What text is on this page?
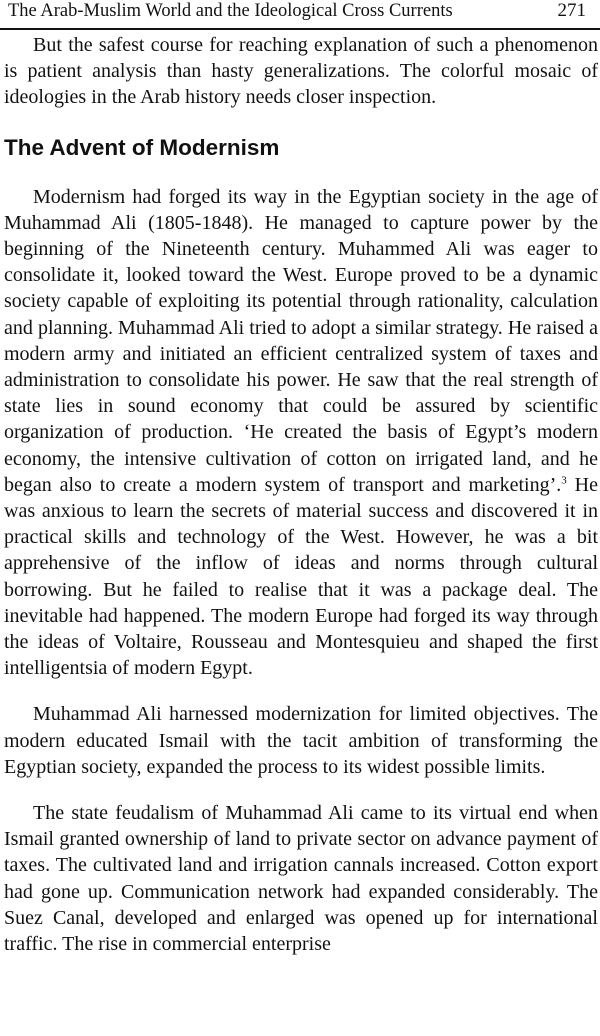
The Arab-Muslim World and the Ideological Cross Currents	271

But the safest course for reaching explanation of such a phenomenon is patient analysis than hasty generalizations. The colorful mosaic of ideologies in the Arab history needs closer inspection.

The Advent of Modernism

Modernism had forged its way in the Egyptian society in the age of Muhammad Ali (1805-1848). He managed to capture power by the beginning of the Nineteenth century. Muhammed Ali was eager to consolidate it, looked toward the West. Europe proved to be a dynamic society capable of exploiting its potential through rationality, calculation and planning. Muhammad Ali tried to adopt a similar strategy. He raised a modern army and initiated an efficient centralized system of taxes and administration to consolidate his power. He saw that the real strength of state lies in sound economy that could be assured by scientific organization of production. ‘He created the basis of Egypt’s modern economy, the intensive cultivation of cotton on irrigated land, and he began also to create a modern system of transport and marketing’.$^3$ He was anxious to learn the secrets of material success and discovered it in practical skills and technology of the West. However, he was a bit apprehensive of the inflow of ideas and norms through cultural borrowing. But he failed to realise that it was a package deal. The inevitable had happened. The modern Europe had forged its way through the ideas of Voltaire, Rousseau and Montesquieu and shaped the first intelligentsia of modern Egypt.

Muhammad Ali harnessed modernization for limited objectives. The modern educated Ismail with the tacit ambition of transforming the Egyptian society, expanded the process to its widest possible limits.

The state feudalism of Muhammad Ali came to its virtual end when Ismail granted ownership of land to private sector on advance payment of taxes. The cultivated land and irrigation cannals increased. Cotton export had gone up. Communication network had expanded considerably. The Suez Canal, developed and enlarged was opened up for international traffic. The rise in commercial enterprise
